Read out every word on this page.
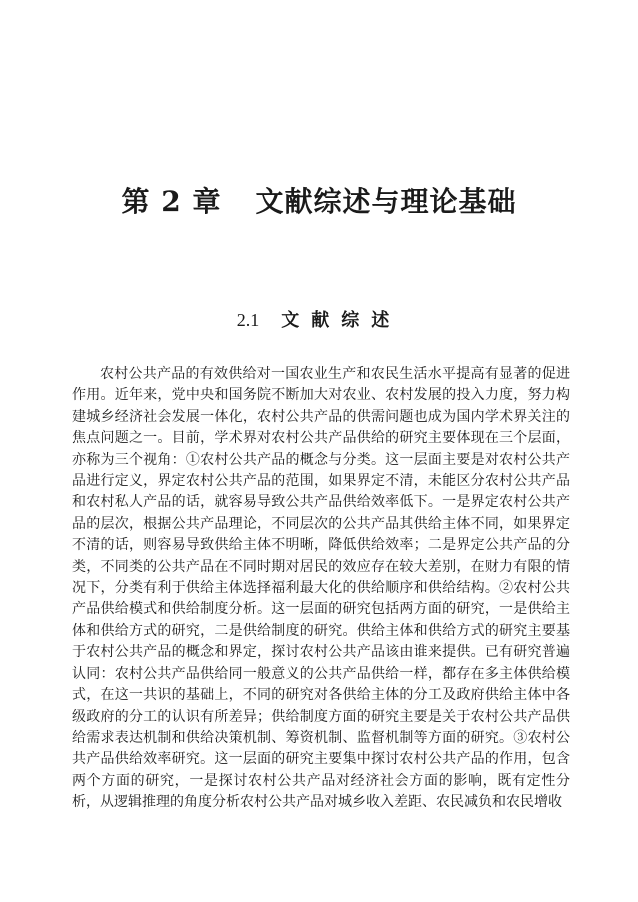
第 2 章 文献综述与理论基础
2.1 文献综述

农村公共产品的有效供给对一国农业生产和农民生活水平提高有显著的促进作用。近年来，党中央和国务院不断加大对农业、农村发展的投入力度，努力构建城乡经济社会发展一体化，农村公共产品的供需问题也成为国内学术界关注的焦点问题之一。目前，学术界对农村公共产品供给的研究主要体现在三个层面，亦称为三个视角：①农村公共产品的概念与分类。这一层面主要是对农村公共产品进行定义，界定农村公共产品的范围，如果界定不清，未能区分农村公共产品和农村私人产品的话，就容易导致公共产品供给效率低下。一是界定农村公共产品的层次，根据公共产品理论，不同层次的公共产品其供给主体不同，如果界定不清的话，则容易导致供给主体不明晰，降低供给效率；二是界定公共产品的分类，不同类的公共产品在不同时期对居民的效应存在较大差别，在财力有限的情况下，分类有利于供给主体选择福利最大化的供给顺序和供给结构。②农村公共产品供给模式和供给制度分析。这一层面的研究包括两方面的研究，一是供给主体和供给方式的研究，二是供给制度的研究。供给主体和供给方式的研究主要基于农村公共产品的概念和界定，探讨农村公共产品该由谁来提供。已有研究普遍认同：农村公共产品供给同一般意义的公共产品供给一样，都存在多主体供给模式，在这一共识的基础上，不同的研究对各供给主体的分工及政府供给主体中各级政府的分工的认识有所差异；供给制度方面的研究主要是关于农村公共产品供给需求表达机制和供给决策机制、筹资机制、监督机制等方面的研究。③农村公共产品供给效率研究。这一层面的研究主要集中探讨农村公共产品的作用，包含两个方面的研究，一是探讨农村公共产品对经济社会方面的影响，既有定性分析，从逻辑推理的角度分析农村公共产品对城乡收入差距、农民减负和农民增收
